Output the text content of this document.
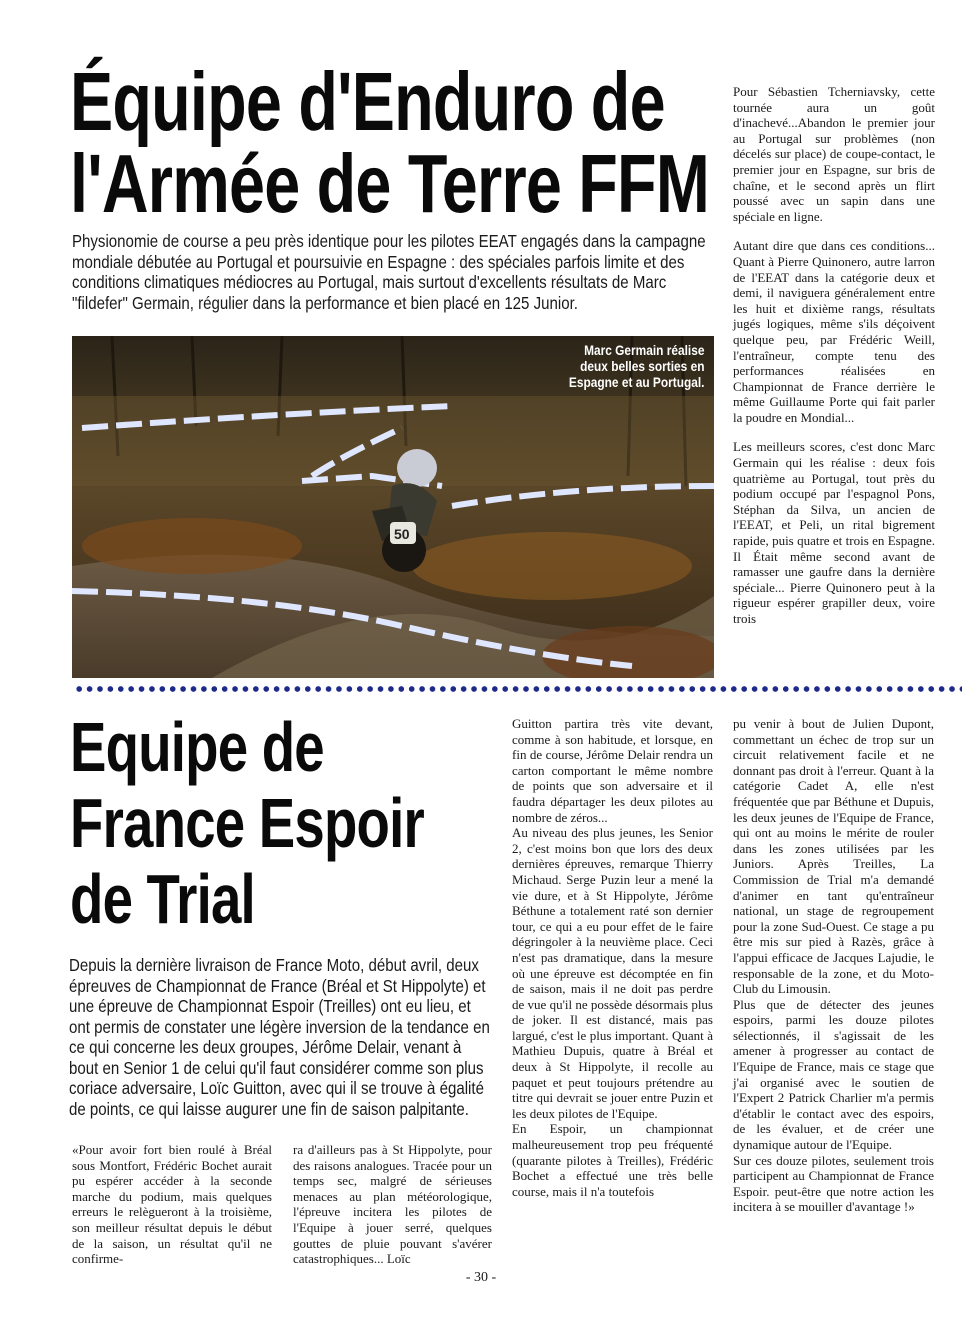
Équipe d'Enduro de
l'Armée de Terre FFM
Physionomie de course a peu près identique pour les pilotes EEAT engagés dans la campagne mondiale débutée au Portugal et poursuivie en Espagne : des spéciales parfois limite et des conditions climatiques médiocres au Portugal, mais surtout d'excellents résultats de Marc "fildefer" Germain, régulier dans la performance et bien placé en 125 Junior.
50
Marc Germain réalise
deux belles sorties en
Espagne et au Portugal.

Pour Sébastien Tcherniavsky, cette tournée aura un goût d'inachevé...Abandon le premier jour au Portugal sur problèmes (non décelés sur place) de coupe-contact, le premier jour en Espagne, sur bris de chaîne, et le second après un flirt poussé avec un sapin dans une spéciale en ligne.

Autant dire que dans ces conditions... Quant à Pierre Quinonero, autre larron de l'EEAT dans la catégorie deux et demi, il naviguera généralement entre les huit et dixième rangs, résultats jugés logiques, même s'ils déçoivent quelque peu, par Frédéric Weill, l'entraîneur, compte tenu des performances réalisées en Championnat de France derrière le même Guillaume Porte qui fait parler la poudre en Mondial...

Les meilleurs scores, c'est donc Marc Germain qui les réalise : deux fois quatrième au Portugal, tout près du podium occupé par l'espagnol Pons, Stéphan da Silva, un ancien de l'EEAT, et Peli, un rital bigrement rapide, puis quatre et trois en Espagne. Il Était même second avant de ramasser une gaufre dans la dernière spéciale... Pierre Quinonero peut à la rigueur espérer grapiller deux, voire trois

Equipe de
France Espoir
de Trial
Depuis la dernière livraison de France Moto, début avril, deux épreuves de Championnat de France (Bréal et St Hippolyte) et une épreuve de Championnat Espoir (Treilles) ont eu lieu, et ont permis de constater une légère inversion de la tendance en ce qui concerne les deux groupes, Jérôme Delair, venant à bout en Senior 1 de celui qu'il faut considérer comme son plus coriace adversaire, Loïc Guitton, avec qui il se trouve à égalité de points, ce qui laisse augurer une fin de saison palpitante.

«Pour avoir fort bien roulé à Bréal sous Montfort, Frédéric Bochet aurait pu espérer accéder à la seconde marche du podium, mais quelques erreurs le relègueront à la troisième, son meilleur résultat depuis le début de la saison, un résultat qu'il ne confirme-

ra d'ailleurs pas à St Hippolyte, pour des raisons analogues. Tracée pour un temps sec, malgré de sérieuses menaces au plan météorologique, l'épreuve incitera les pilotes de l'Equipe à jouer serré, quelques gouttes de pluie pouvant s'avérer catastrophiques... Loïc

Guitton partira très vite devant, comme à son habitude, et lorsque, en fin de course, Jérôme Delair rendra un carton comportant le même nombre de points que son adversaire et il faudra départager les deux pilotes au nombre de zéros...

Au niveau des plus jeunes, les Senior 2, c'est moins bon que lors des deux dernières épreuves, remarque Thierry Michaud. Serge Puzin leur a mené la vie dure, et à St Hippolyte, Jérôme Béthune a totalement raté son dernier tour, ce qui a eu pour effet de le faire dégringoler à la neuvième place. Ceci n'est pas dramatique, dans la mesure où une épreuve est décomptée en fin de saison, mais il ne doit pas perdre de vue qu'il ne possède désormais plus de joker. Il est distancé, mais pas largué, c'est le plus important. Quant à Mathieu Dupuis, quatre à Bréal et deux à St Hippolyte, il recolle au paquet et peut toujours prétendre au titre qui devrait se jouer entre Puzin et les deux pilotes de l'Equipe.

En Espoir, un championnat malheureusement trop peu fréquenté (quarante pilotes à Treilles), Frédéric Bochet a effectué une très belle course, mais il n'a toutefois

pu venir à bout de Julien Dupont, commettant un échec de trop sur un circuit relativement facile et ne donnant pas droit à l'erreur. Quant à la catégorie Cadet A, elle n'est fréquentée que par Béthune et Dupuis, les deux jeunes de l'Equipe de France, qui ont au moins le mérite de rouler dans les zones utilisées par les Juniors. Après Treilles, La Commission de Trial m'a demandé d'animer en tant qu'entraîneur national, un stage de regroupement pour la zone Sud-Ouest. Ce stage a pu être mis sur pied à Razès, grâce à l'appui efficace de Jacques Lajudie, le responsable de la zone, et du Moto-Club du Limousin.

Plus que de détecter des jeunes espoirs, parmi les douze pilotes sélectionnés, il s'agissait de les amener à progresser au contact de l'Equipe de France, mais ce stage que j'ai organisé avec le soutien de l'Expert 2 Patrick Charlier m'a permis d'établir le contact avec des espoirs, de les évaluer, et de créer une dynamique autour de l'Equipe.

Sur ces douze pilotes, seulement trois participent au Championnat de France Espoir. peut-être que notre action les incitera à se mouiller d'avantage !»

- 30 -
